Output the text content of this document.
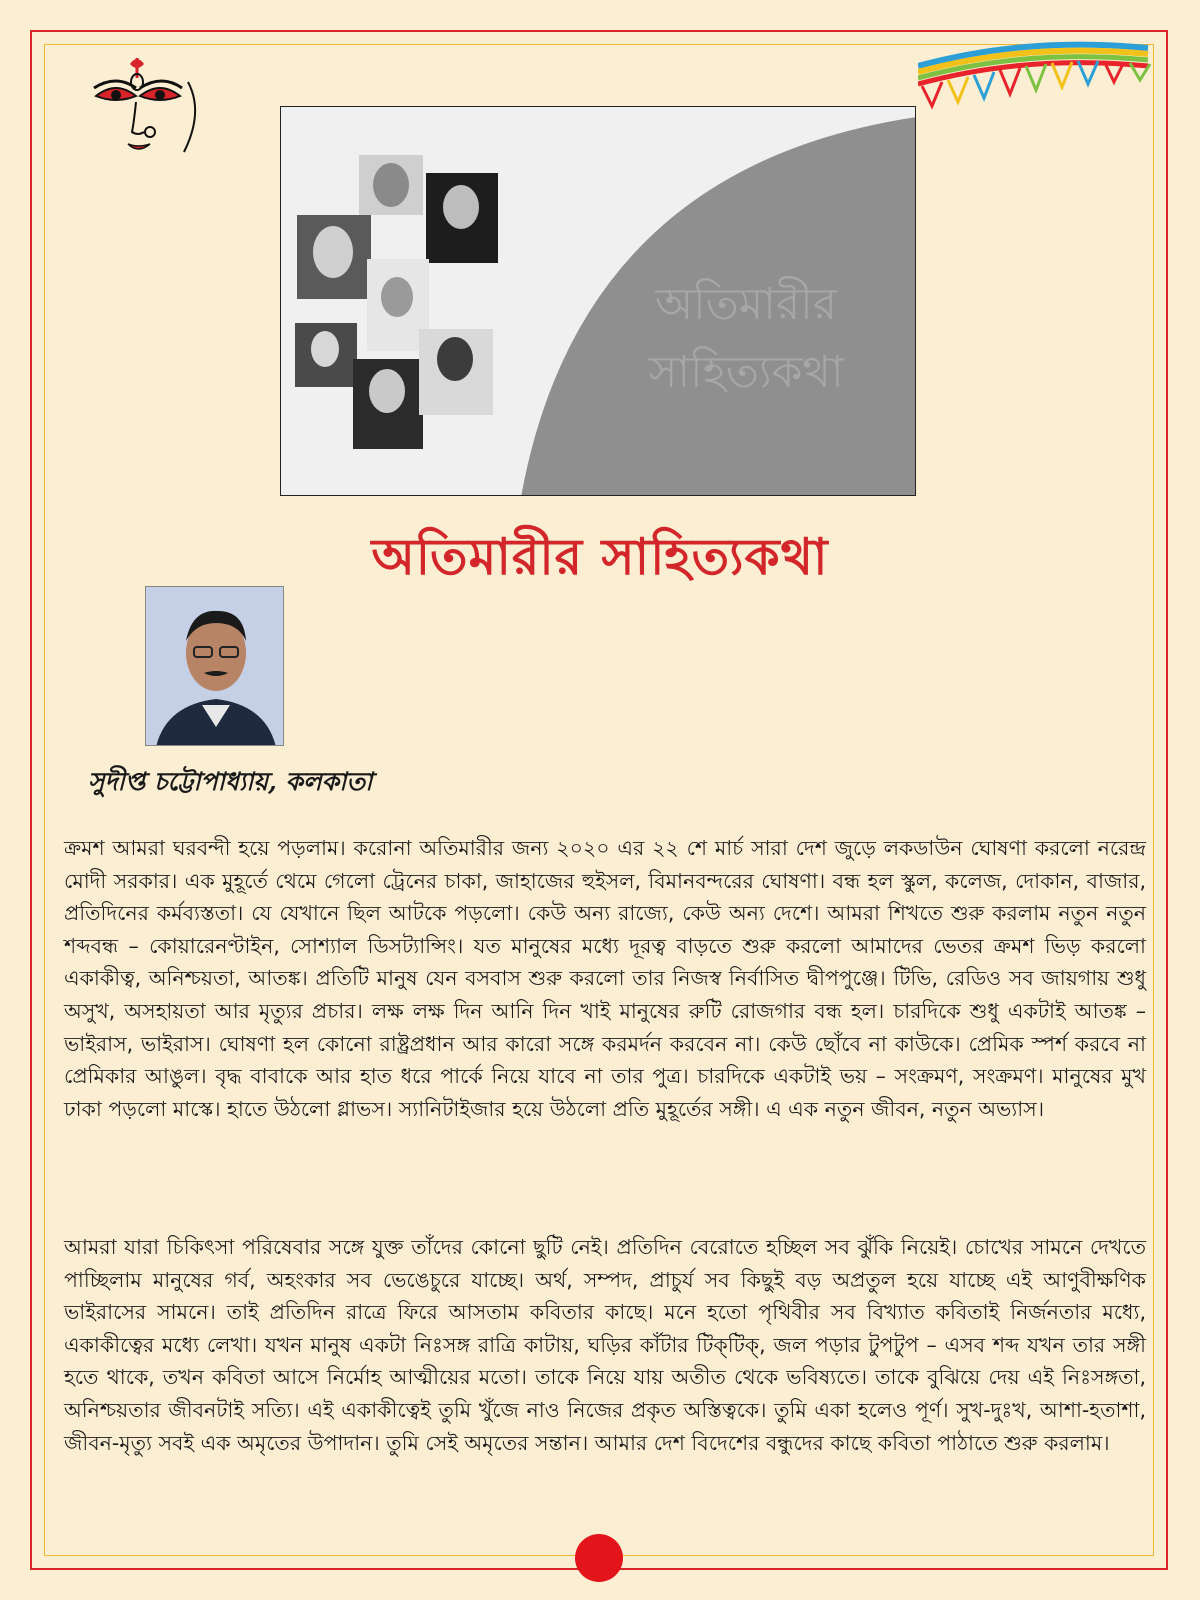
অতিমারীর
সাহিত্যকথা
অতিমারীর সাহিত্যকথা
সুদীপ্ত চট্টোপাধ্যায়, কলকাতা

ক্রমশ আমরা ঘরবন্দী হয়ে পড়লাম। করোনা অতিমারীর জন্য ২০২০ এর ২২ শে মার্চ সারা দেশ জুড়ে লকডাউন ঘোষণা করলো নরেন্দ্র মোদী সরকার। এক মুহূর্তে থেমে গেলো ট্রেনের চাকা, জাহাজের হুইসল, বিমানবন্দরের ঘোষণা। বন্ধ হল স্কুল, কলেজ, দোকান, বাজার, প্রতিদিনের কর্মব্যস্ততা। যে যেখানে ছিল আটকে পড়লো। কেউ অন্য রাজ্যে, কেউ অন্য দেশে। আমরা শিখতে শুরু করলাম নতুন নতুন শব্দবন্ধ – কোয়ারেনণ্টাইন, সোশ্যাল ডিসট্যান্সিং। যত মানুষের মধ্যে দূরত্ব বাড়তে শুরু করলো আমাদের ভেতর ক্রমশ ভিড় করলো একাকীত্ব, অনিশ্চয়তা, আতঙ্ক। প্রতিটি মানুষ যেন বসবাস শুরু করলো তার নিজস্ব নির্বাসিত দ্বীপপুঞ্জে। টিভি, রেডিও সব জায়গায় শুধু অসুখ, অসহায়তা আর মৃত্যুর প্রচার। লক্ষ লক্ষ দিন আনি দিন খাই মানুষের রুটি রোজগার বন্ধ হল। চারদিকে শুধু একটাই আতঙ্ক – ভাইরাস, ভাইরাস। ঘোষণা হল কোনো রাষ্ট্রপ্রধান আর কারো সঙ্গে করমর্দন করবেন না। কেউ ছোঁবে না কাউকে। প্রেমিক স্পর্শ করবে না প্রেমিকার আঙুল। বৃদ্ধ বাবাকে আর হাত ধরে পার্কে নিয়ে যাবে না তার পুত্র। চারদিকে একটাই ভয় – সংক্রমণ, সংক্রমণ। মানুষের মুখ ঢাকা পড়লো মাস্কে। হাতে উঠলো গ্লাভস। স্যানিটাইজার হয়ে উঠলো প্রতি মুহূর্তের সঙ্গী। এ এক নতুন জীবন, নতুন অভ্যাস।

আমরা যারা চিকিৎসা পরিষেবার সঙ্গে যুক্ত তাঁদের কোনো ছুটি নেই। প্রতিদিন বেরোতে হচ্ছিল সব ঝুঁকি নিয়েই। চোখের সামনে দেখতে পাচ্ছিলাম মানুষের গর্ব, অহংকার সব ভেঙেচুরে যাচ্ছে। অর্থ, সম্পদ, প্রাচুর্য সব কিছুই বড় অপ্রতুল হয়ে যাচ্ছে এই আণুবীক্ষণিক ভাইরাসের সামনে। তাই প্রতিদিন রাত্রে ফিরে আসতাম কবিতার কাছে। মনে হতো পৃথিবীর সব বিখ্যাত কবিতাই নির্জনতার মধ্যে, একাকীত্বের মধ্যে লেখা। যখন মানুষ একটা নিঃসঙ্গ রাত্রি কাটায়, ঘড়ির কাঁটার টিক্‌টিক্‌, জল পড়ার টুপটুপ – এসব শব্দ যখন তার সঙ্গী হতে থাকে, তখন কবিতা আসে নির্মোহ আত্মীয়ের মতো। তাকে নিয়ে যায় অতীত থেকে ভবিষ্যতে। তাকে বুঝিয়ে দেয় এই নিঃসঙ্গতা, অনিশ্চয়তার জীবনটাই সত্যি। এই একাকীত্বেই তুমি খুঁজে নাও নিজের প্রকৃত অস্তিত্বকে। তুমি একা হলেও পূর্ণ। সুখ-দুঃখ, আশা-হতাশা, জীবন-মৃত্যু সবই এক অমৃতের উপাদান। তুমি সেই অমৃতের সন্তান। আমার দেশ বিদেশের বন্ধুদের কাছে কবিতা পাঠাতে শুরু করলাম।
